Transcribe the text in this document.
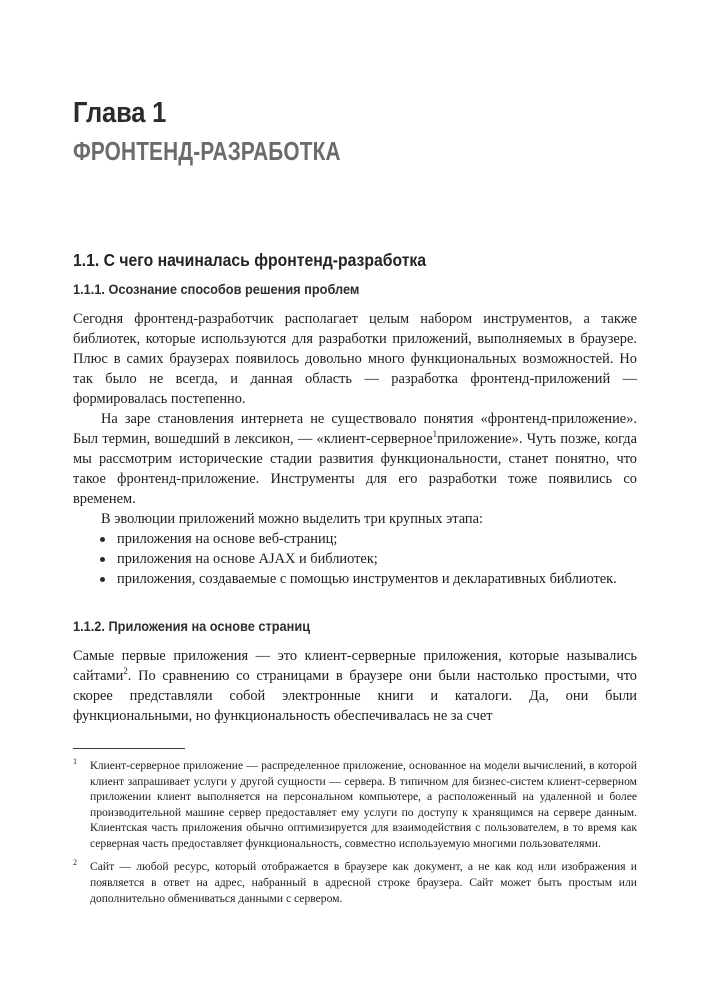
Глава 1
ФРОНТЕНД-РАЗРАБОТКА
1.1. С чего начиналась фронтенд-разработка
1.1.1. Осознание способов решения проблем

Сегодня фронтенд-разработчик располагает целым набором инструментов, а также библиотек, которые используются для разработки приложений, выполняемых в браузере. Плюс в самих браузерах появилось довольно много функциональных возможностей. Но так было не всегда, и данная область — разработка фронтенд-приложений — формировалась постепенно.

На заре становления интернета не существовало понятия «фронтенд-приложение». Был термин, вошедший в лексикон, — «клиент-серверное$^1$приложение». Чуть позже, когда мы рассмотрим исторические стадии развития функциональности, станет понятно, что такое фронтенд-приложение. Инструменты для его разработки тоже появились со временем.

В эволюции приложений можно выделить три крупных этапа:

приложения на основе веб-страниц;
приложения на основе AJAX и библиотек;
приложения, создаваемые с помощью инструментов и декларативных библиотек.
1.1.2. Приложения на основе страниц

Самые первые приложения — это клиент-серверные приложения, которые назывались сайтами$^2$. По сравнению со страницами в браузере они были настолько простыми, что скорее представляли собой электронные книги и каталоги. Да, они были функциональными, но функциональность обеспечивалась не за счет

1 Клиент-серверное приложение — распределенное приложение, основанное на модели вычислений, в которой клиент запрашивает услуги у другой сущности — сервера. В типичном для бизнес-систем клиент-серверном приложении клиент выполняется на персональном компьютере, а расположенный на удаленной и более производительной машине сервер предоставляет ему услуги по доступу к хранящимся на сервере данным. Клиентская часть приложения обычно оптимизируется для взаимодействия с пользователем, в то время как серверная часть предоставляет функциональность, совместно используемую многими пользователями.

2 Сайт — любой ресурс, который отображается в браузере как документ, а не как код или изображения и появляется в ответ на адрес, набранный в адресной строке браузера. Сайт может быть простым или дополнительно обмениваться данными с сервером.
